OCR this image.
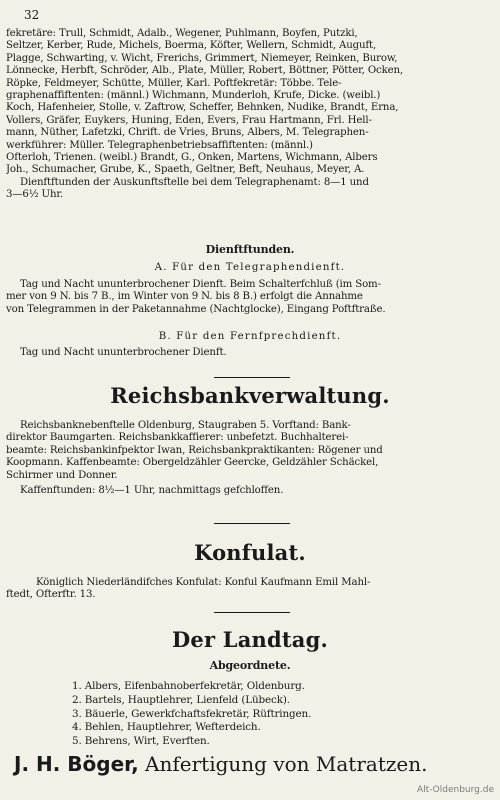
32
fekretäre: Trull, Schmidt, Adalb., Wegener, Puhlmann, Boyfen, Putzki,
Seltzer, Kerber, Rude, Michels, Boerma, Köfter, Wellern, Schmidt, Auguft,
Plagge, Schwarting, v. Wicht, Frerichs, Grimmert, Niemeyer, Reinken, Burow,
Lönnecke, Herbft, Schröder, Alb., Plate, Müller, Robert, Böttner, Pötter, Ocken,
Röpke, Feldmeyer, Schütte, Müller, Karl. Poftfekretär: Többe. Tele-
graphenaffiftenten: (männl.) Wichmann, Munderloh, Krufe, Dicke. (weibl.)
Koch, Hafenheier, Stolle, v. Zaftrow, Scheffer, Behnken, Nudike, Brandt, Erna,
Vollers, Gräfer, Euykers, Huning, Eden, Evers, Frau Hartmann, Frl. Hell-
mann, Nüther, Lafetzki, Chrift. de Vries, Bruns, Albers, M. Telegraphen-
werkführer: Müller. Telegraphenbetriebsaffiftenten: (männl.)
Ofterloh, Trienen. (weibl.) Brandt, G., Onken, Martens, Wichmann, Albers
Joh., Schumacher, Grube, K., Spaeth, Geltner, Beft, Neuhaus, Meyer, A.
Dienftftunden der Auskunftsftelle bei dem Telegraphenamt: 8—1 und
3—6½ Uhr.
Dienftftunden.
A. Für den Telegraphendienft.
Tag und Nacht ununterbrochener Dienft. Beim Schalterfchluß (im Som-
mer von 9 N. bis 7 B., im Winter von 9 N. bis 8 B.) erfolgt die Annahme
von Telegrammen in der Paketannahme (Nachtglocke), Eingang Poftftraße.
B. Für den Fernfprechdienft.
Tag und Nacht ununterbrochener Dienft.
Reichsbankverwaltung.
Reichsbanknebenftelle Oldenburg, Staugraben 5. Vorftand: Bank-
direktor Baumgarten. Reichsbankkaffierer: unbefetzt. Buchhalterei-
beamte: Reichsbankinfpektor Iwan, Reichsbankpraktikanten: Rögener und
Koopmann. Kaffenbeamte: Obergeldzähler Geercke, Geldzähler Schäckel,
Schirmer und Donner.
Kaffenftunden: 8½—1 Uhr, nachmittags gefchloffen.
Konfulat.
Königlich Niederländifches Konfulat: Konful Kaufmann Emil Mahl-
ftedt, Ofterftr. 13.
Der Landtag.
Abgeordnete.
1. Albers, Eifenbahnoberfekretär, Oldenburg.
2. Bartels, Hauptlehrer, Lienfeld (Lübeck).
3. Bäuerle, Gewerkfchaftsfekretär, Rüftringen.
4. Behlen, Hauptlehrer, Wefterdeich.
5. Behrens, Wirt, Everften.
J. H. Böger, Anfertigung von Matratzen.
Alt-Oldenburg.de
